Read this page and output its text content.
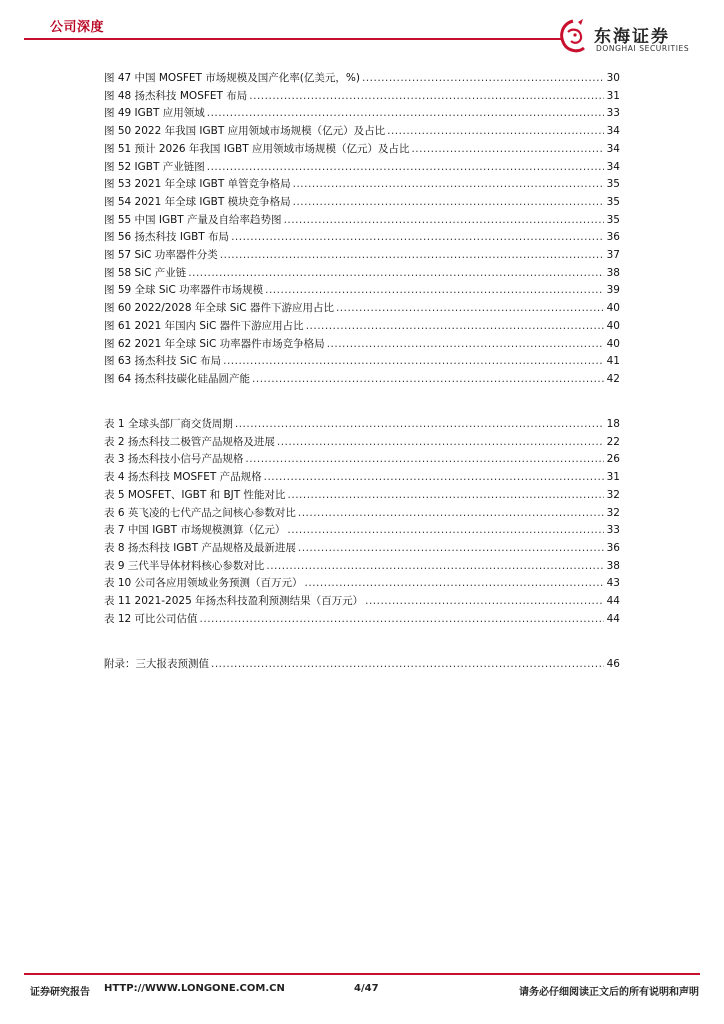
公司深度	东海证券
DONGHAI SECURITIES
图 47 中国 MOSFET 市场规模及国产化率(亿美元，%) .....	30
图 48 扬杰科技 MOSFET 布局 .....	31
图 49 IGBT 应用领域 .....	33
图 50 2022 年我国 IGBT 应用领域市场规模（亿元）及占比 .....	34
图 51 预计 2026 年我国 IGBT 应用领域市场规模（亿元）及占比 .....	34
图 52 IGBT 产业链图 .....	34
图 53 2021 年全球 IGBT 单管竞争格局 .....	35
图 54 2021 年全球 IGBT 模块竞争格局 .....	35
图 55 中国 IGBT 产量及自给率趋势图 .....	35
图 56 扬杰科技 IGBT 布局 .....	36
图 57 SiC 功率器件分类 .....	37
图 58 SiC 产业链 .....	38
图 59 全球 SiC 功率器件市场规模 .....	39
图 60 2022/2028 年全球 SiC 器件下游应用占比 .....	40
图 61 2021 年国内 SiC 器件下游应用占比 .....	40
图 62 2021 年全球 SiC 功率器件市场竞争格局 .....	40
图 63 扬杰科技 SiC 布局 .....	41
图 64 扬杰科技碳化硅晶圆产能 .....	42
表 1 全球头部厂商交货周期 .....	18
表 2 扬杰科技二极管产品规格及进展 .....	22
表 3 扬杰科技小信号产品规格 .....	26
表 4 扬杰科技 MOSFET 产品规格 .....	31
表 5 MOSFET、IGBT 和 BJT 性能对比 .....	32
表 6 英飞凌的七代产品之间核心参数对比 .....	32
表 7 中国 IGBT 市场规模测算（亿元） .....	33
表 8 扬杰科技 IGBT 产品规格及最新进展 .....	36
表 9 三代半导体材料核心参数对比 .....	38
表 10 公司各应用领域业务预测（百万元） .....	43
表 11 2021-2025 年扬杰科技盈利预测结果（百万元） .....	44
表 12 可比公司估值 .....	44
附录：三大报表预测值 .....	46
证券研究报告 HTTP://WWW.LONGONE.COM.CN	4/47	请务必仔细阅读正文后的所有说明和声明
